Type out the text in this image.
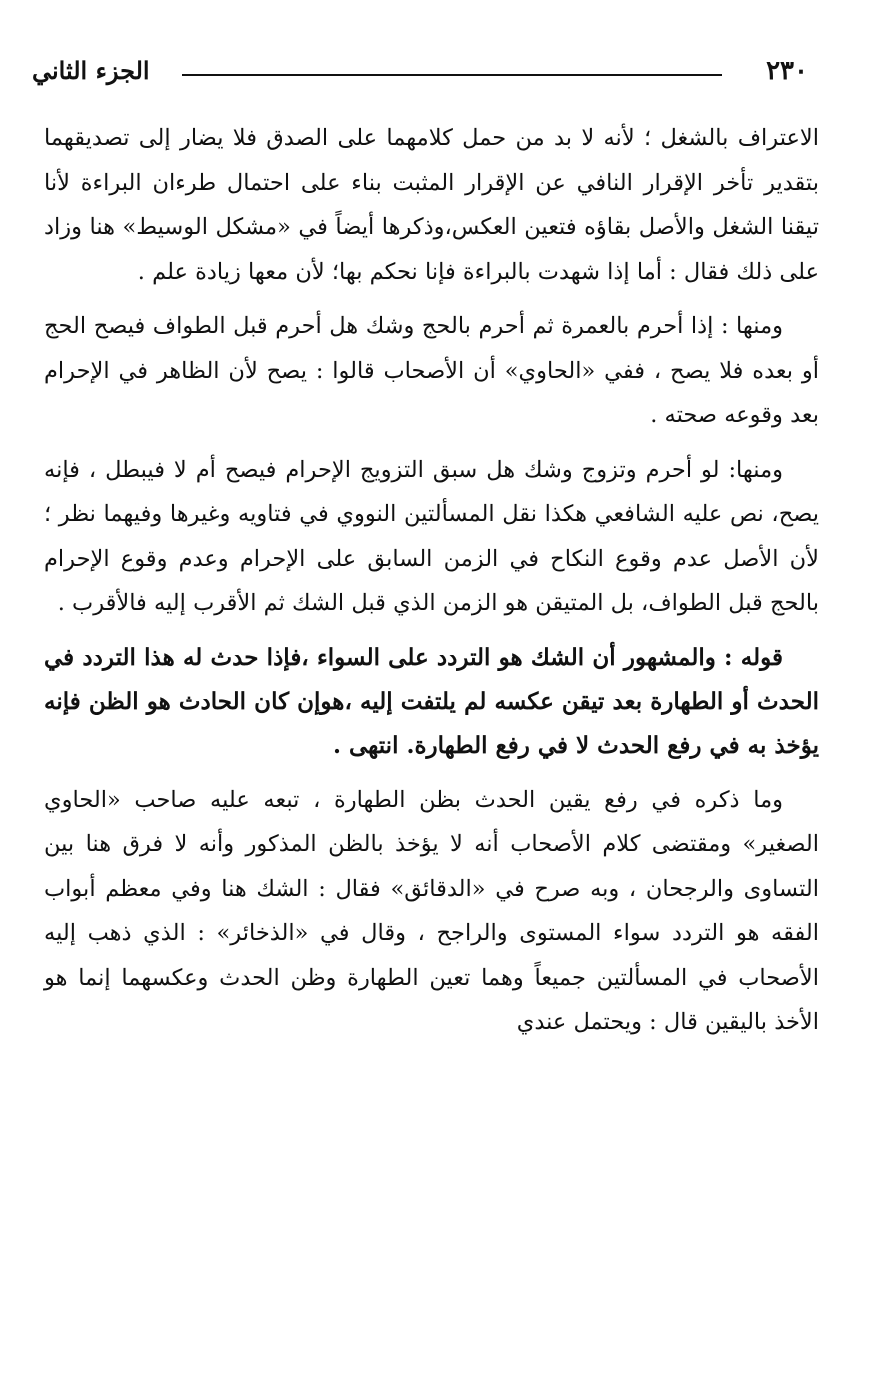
٢٣٠
الجزء الثاني

الاعتراف بالشغل ؛ لأنه لا بد من حمل كلامهما على الصدق فلا يضار إلى تصديقهما بتقدير تأخر الإقرار النافي عن الإقرار المثبت بناء على احتمال طرءان البراءة لأنا تيقنا الشغل والأصل بقاؤه فتعين العكس،وذكرها أيضاً في «مشكل الوسيط» هنا وزاد على ذلك فقال : أما إذا شهدت بالبراءة فإنا نحكم بها؛ لأن معها زيادة علم .

ومنها : إذا أحرم بالعمرة ثم أحرم بالحج وشك هل أحرم قبل الطواف فيصح الحج أو بعده فلا يصح ، ففي «الحاوي» أن الأصحاب قالوا : يصح لأن الظاهر في الإحرام بعد وقوعه صحته .

ومنها: لو أحرم وتزوج وشك هل سبق التزويج الإحرام فيصح أم لا فيبطل ، فإنه يصح، نص عليه الشافعي هكذا نقل المسألتين النووي في فتاويه وغيرها وفيهما نظر ؛ لأن الأصل عدم وقوع النكاح في الزمن السابق على الإحرام وعدم وقوع الإحرام بالحج قبل الطواف، بل المتيقن هو الزمن الذي قبل الشك ثم الأقرب إليه فالأقرب .

قوله : والمشهور أن الشك هو التردد على السواء ،فإذا حدث له هذا التردد في الحدث أو الطهارة بعد تيقن عكسه لم يلتفت إليه ،هوإن كان الحادث هو الظن فإنه يؤخذ به في رفع الحدث لا في رفع الطهارة. انتهى .

وما ذكره في رفع يقين الحدث بظن الطهارة ، تبعه عليه صاحب «الحاوي الصغير» ومقتضى كلام الأصحاب أنه لا يؤخذ بالظن المذكور وأنه لا فرق هنا بين التساوى والرجحان ، وبه صرح في «الدقائق» فقال : الشك هنا وفي معظم أبواب الفقه هو التردد سواء المستوى والراجح ، وقال في «الذخائر» : الذي ذهب إليه الأصحاب في المسألتين جميعاً وهما تعين الطهارة وظن الحدث وعكسهما إنما هو الأخذ باليقين قال : ويحتمل عندي
